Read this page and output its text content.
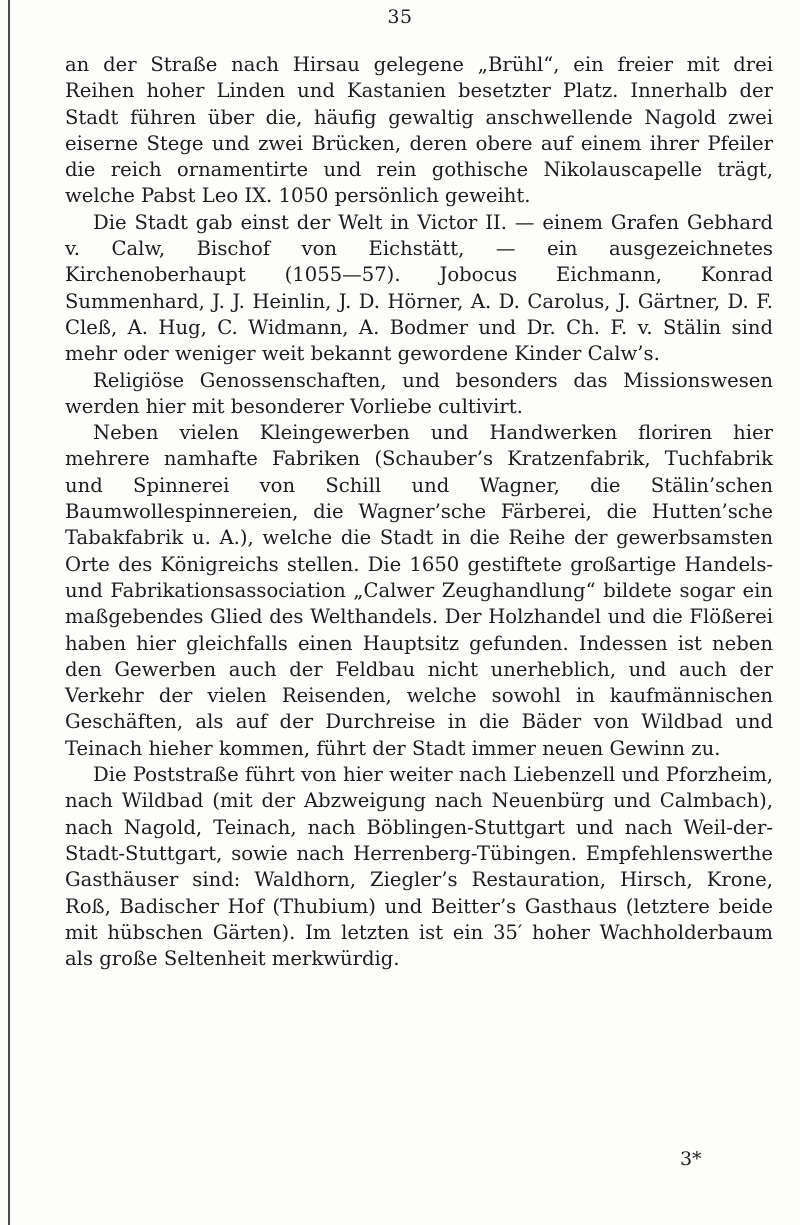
35

an der Straße nach Hirsau gelegene „Brühl“, ein freier mit drei Reihen hoher Linden und Kastanien besetzter Platz. Innerhalb der Stadt führen über die, häufig gewaltig anschwellende Nagold zwei eiserne Stege und zwei Brücken, deren obere auf einem ihrer Pfeiler die reich ornamentirte und rein gothische Nikolauscapelle trägt, welche Pabst Leo IX. 1050 persönlich geweiht.

Die Stadt gab einst der Welt in Victor II. — einem Grafen Gebhard v. Calw, Bischof von Eichstätt, — ein ausgezeichnetes Kirchenoberhaupt (1055—57). Jobocus Eichmann, Konrad Summenhard, J. J. Heinlin, J. D. Hörner, A. D. Carolus, J. Gärtner, D. F. Cleß, A. Hug, C. Widmann, A. Bodmer und Dr. Ch. F. v. Stälin sind mehr oder weniger weit bekannt gewordene Kinder Calw’s.

Religiöse Genossenschaften, und besonders das Missionswesen werden hier mit besonderer Vorliebe cultivirt.

Neben vielen Kleingewerben und Handwerken floriren hier mehrere namhafte Fabriken (Schauber’s Kratzenfabrik, Tuchfabrik und Spinnerei von Schill und Wagner, die Stälin’schen Baumwollespinnereien, die Wagner’sche Färberei, die Hutten’sche Tabakfabrik u. A.), welche die Stadt in die Reihe der gewerbsamsten Orte des Königreichs stellen. Die 1650 gestiftete großartige Handels- und Fabrikationsassociation „Calwer Zeughandlung“ bildete sogar ein maßgebendes Glied des Welthandels. Der Holzhandel und die Flößerei haben hier gleichfalls einen Hauptsitz gefunden. Indessen ist neben den Gewerben auch der Feldbau nicht unerheblich, und auch der Verkehr der vielen Reisenden, welche sowohl in kaufmännischen Geschäften, als auf der Durchreise in die Bäder von Wildbad und Teinach hieher kommen, führt der Stadt immer neuen Gewinn zu.

Die Poststraße führt von hier weiter nach Liebenzell und Pforzheim, nach Wildbad (mit der Abzweigung nach Neuenbürg und Calmbach), nach Nagold, Teinach, nach Böblingen-Stuttgart und nach Weil-der-Stadt-Stuttgart, sowie nach Herrenberg-Tübingen. Empfehlenswerthe Gasthäuser sind: Waldhorn, Ziegler’s Restauration, Hirsch, Krone, Roß, Badischer Hof (Thubium) und Beitter’s Gasthaus (letztere beide mit hübschen Gärten). Im letzten ist ein 35′ hoher Wachholderbaum als große Seltenheit merkwürdig.

3*
